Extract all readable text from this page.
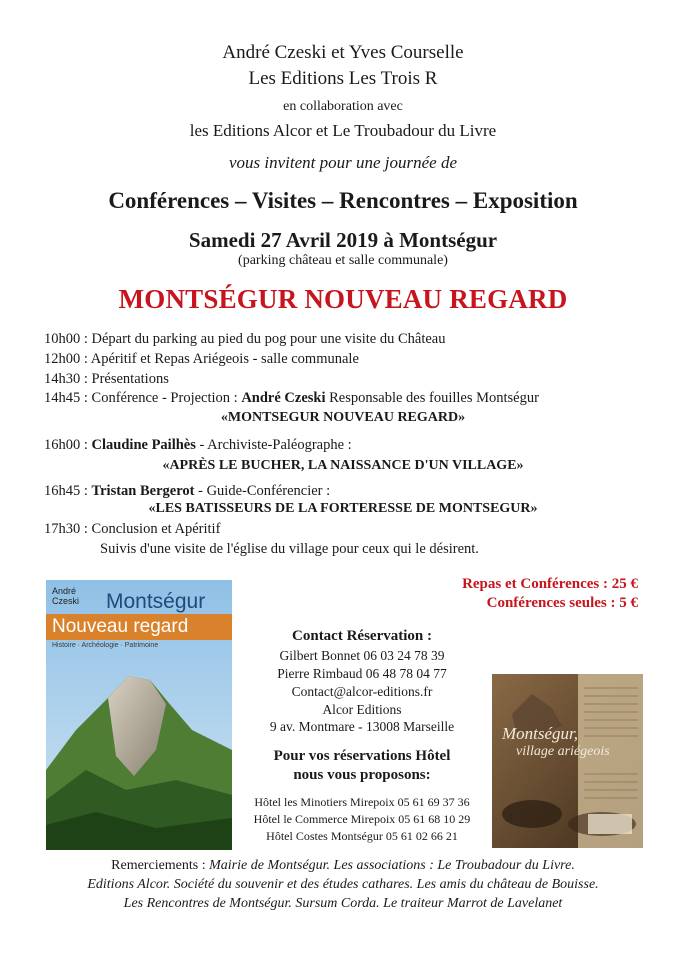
André Czeski et Yves Courselle
Les Editions Les Trois R
en collaboration avec
les Editions Alcor et Le Troubadour du Livre
vous invitent pour une journée de
Conférences – Visites – Rencontres – Exposition
Samedi 27 Avril 2019 à Montségur
(parking château et salle communale)
MONTSÉGUR NOUVEAU REGARD
10h00 : Départ du parking au pied du pog pour une visite du Château
12h00 : Apéritif et Repas Ariégeois - salle communale
14h30 : Présentations
14h45 : Conférence - Projection : André Czeski Responsable des fouilles Montségur
«MONTSEGUR NOUVEAU REGARD»
16h00 : Claudine Pailhès - Archiviste-Paléographe :
«APRÈS LE BUCHER, LA NAISSANCE D'UN VILLAGE»
16h45 : Tristan Bergerot - Guide-Conférencier :
«LES BATISSEURS DE LA FORTERESSE DE MONTSEGUR»
17h30 : Conclusion et Apéritif
Suivis d'une visite de l'église du village pour ceux qui le désirent.
Repas et Conférences : 25 €
Conférences seules : 5 €
André Czeski	Montségur
Nouveau regard
Histoire · Archéologie · Patrimoine
Contact Réservation :
Gilbert Bonnet 06 03 24 78 39
Pierre Rimbaud 06 48 78 04 77
Contact@alcor-editions.fr
Alcor Editions
9 av. Montmare - 13008 Marseille
Pour vos réservations Hôtel
nous vous proposons:
Hôtel les Minotiers Mirepoix 05 61 69 37 36
Hôtel le Commerce Mirepoix 05 61 68 10 29
Hôtel Costes Montségur 05 61 02 66 21
Montségur,
village ariégeois
Remerciements : Mairie de Montségur. Les associations : Le Troubadour du Livre.
Editions Alcor. Société du souvenir et des études cathares. Les amis du château de Bouisse.
Les Rencontres de Montségur. Sursum Corda. Le traiteur Marrot de Lavelanet
